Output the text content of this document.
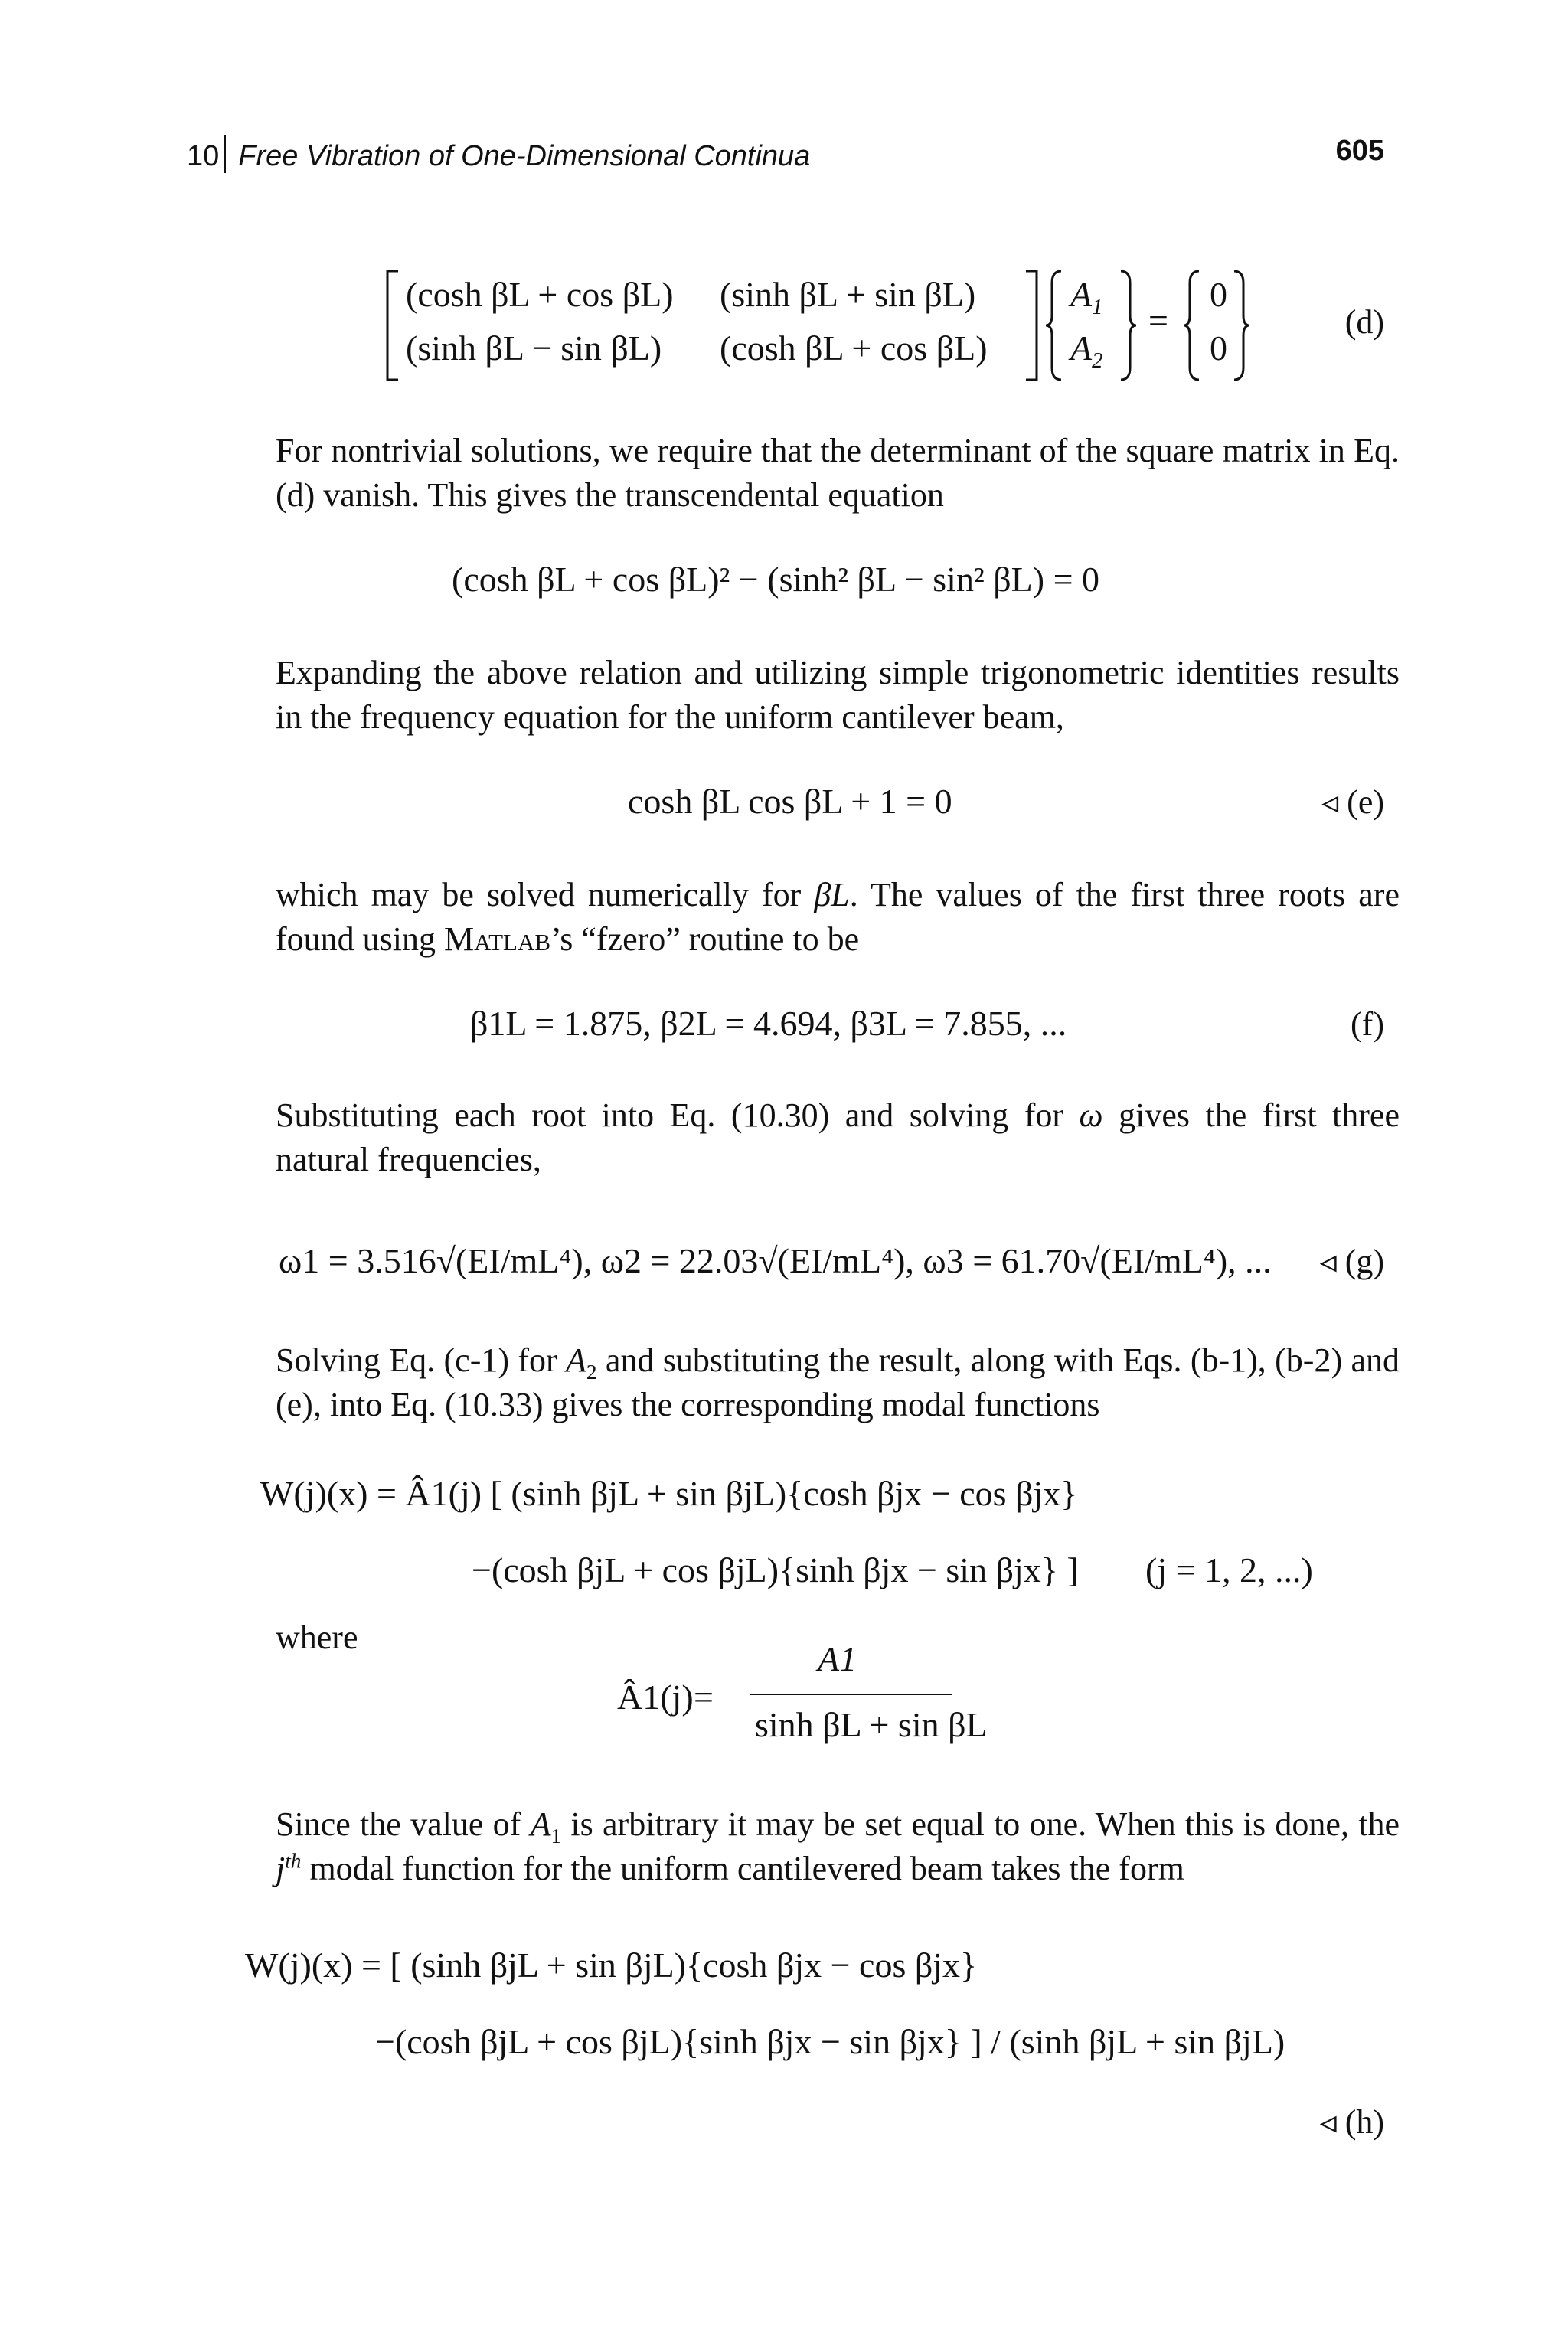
10 Free Vibration of One-Dimensional Continua	605
(cosh βL + cos βL) (sinh βL + sin βL)
(sinh βL − sin βL) (cosh βL + cos βL)
$A_1$
$A_2$
=
0
0
(d)
For nontrivial solutions, we require that the determinant of the square matrix in Eq. (d) vanish. This gives the transcendental equation
(cosh βL + cos βL)² − (sinh² βL − sin² βL) = 0
Expanding the above relation and utilizing simple trigonometric identities results in the frequency equation for the uniform cantilever beam,
cosh βL cos βL + 1 = 0	◃ (e)
which may be solved numerically for βL. The values of the first three roots are found using Matlab’s “fzero” routine to be
β1L = 1.875, β2L = 4.694, β3L = 7.855, ...	(f)
Substituting each root into Eq. (10.30) and solving for ω gives the first three natural frequencies,
ω1 = 3.516√(EI/mL⁴), ω2 = 22.03√(EI/mL⁴), ω3 = 61.70√(EI/mL⁴), ... ◃ (g)
Solving Eq. (c-1) for $A_2$ and substituting the result, along with Eqs. (b-1), (b-2) and (e), into Eq. (10.33) gives the corresponding modal functions
W(j)(x) = Â1(j) [ (sinh βjL + sin βjL){cosh βjx − cos βjx}
−(cosh βjL + cos βjL){sinh βjx − sin βjx} ] (j = 1, 2, ...)
where
Â1(j) =
A1
sinh βL + sin βL
Since the value of $A_1$ is arbitrary it may be set equal to one. When this is done, the $j^{th}$ modal function for the uniform cantilevered beam takes the form
W(j)(x) = [ (sinh βjL + sin βjL){cosh βjx − cos βjx}
−(cosh βjL + cos βjL){sinh βjx − sin βjx} ] / (sinh βjL + sin βjL)
◃ (h)
